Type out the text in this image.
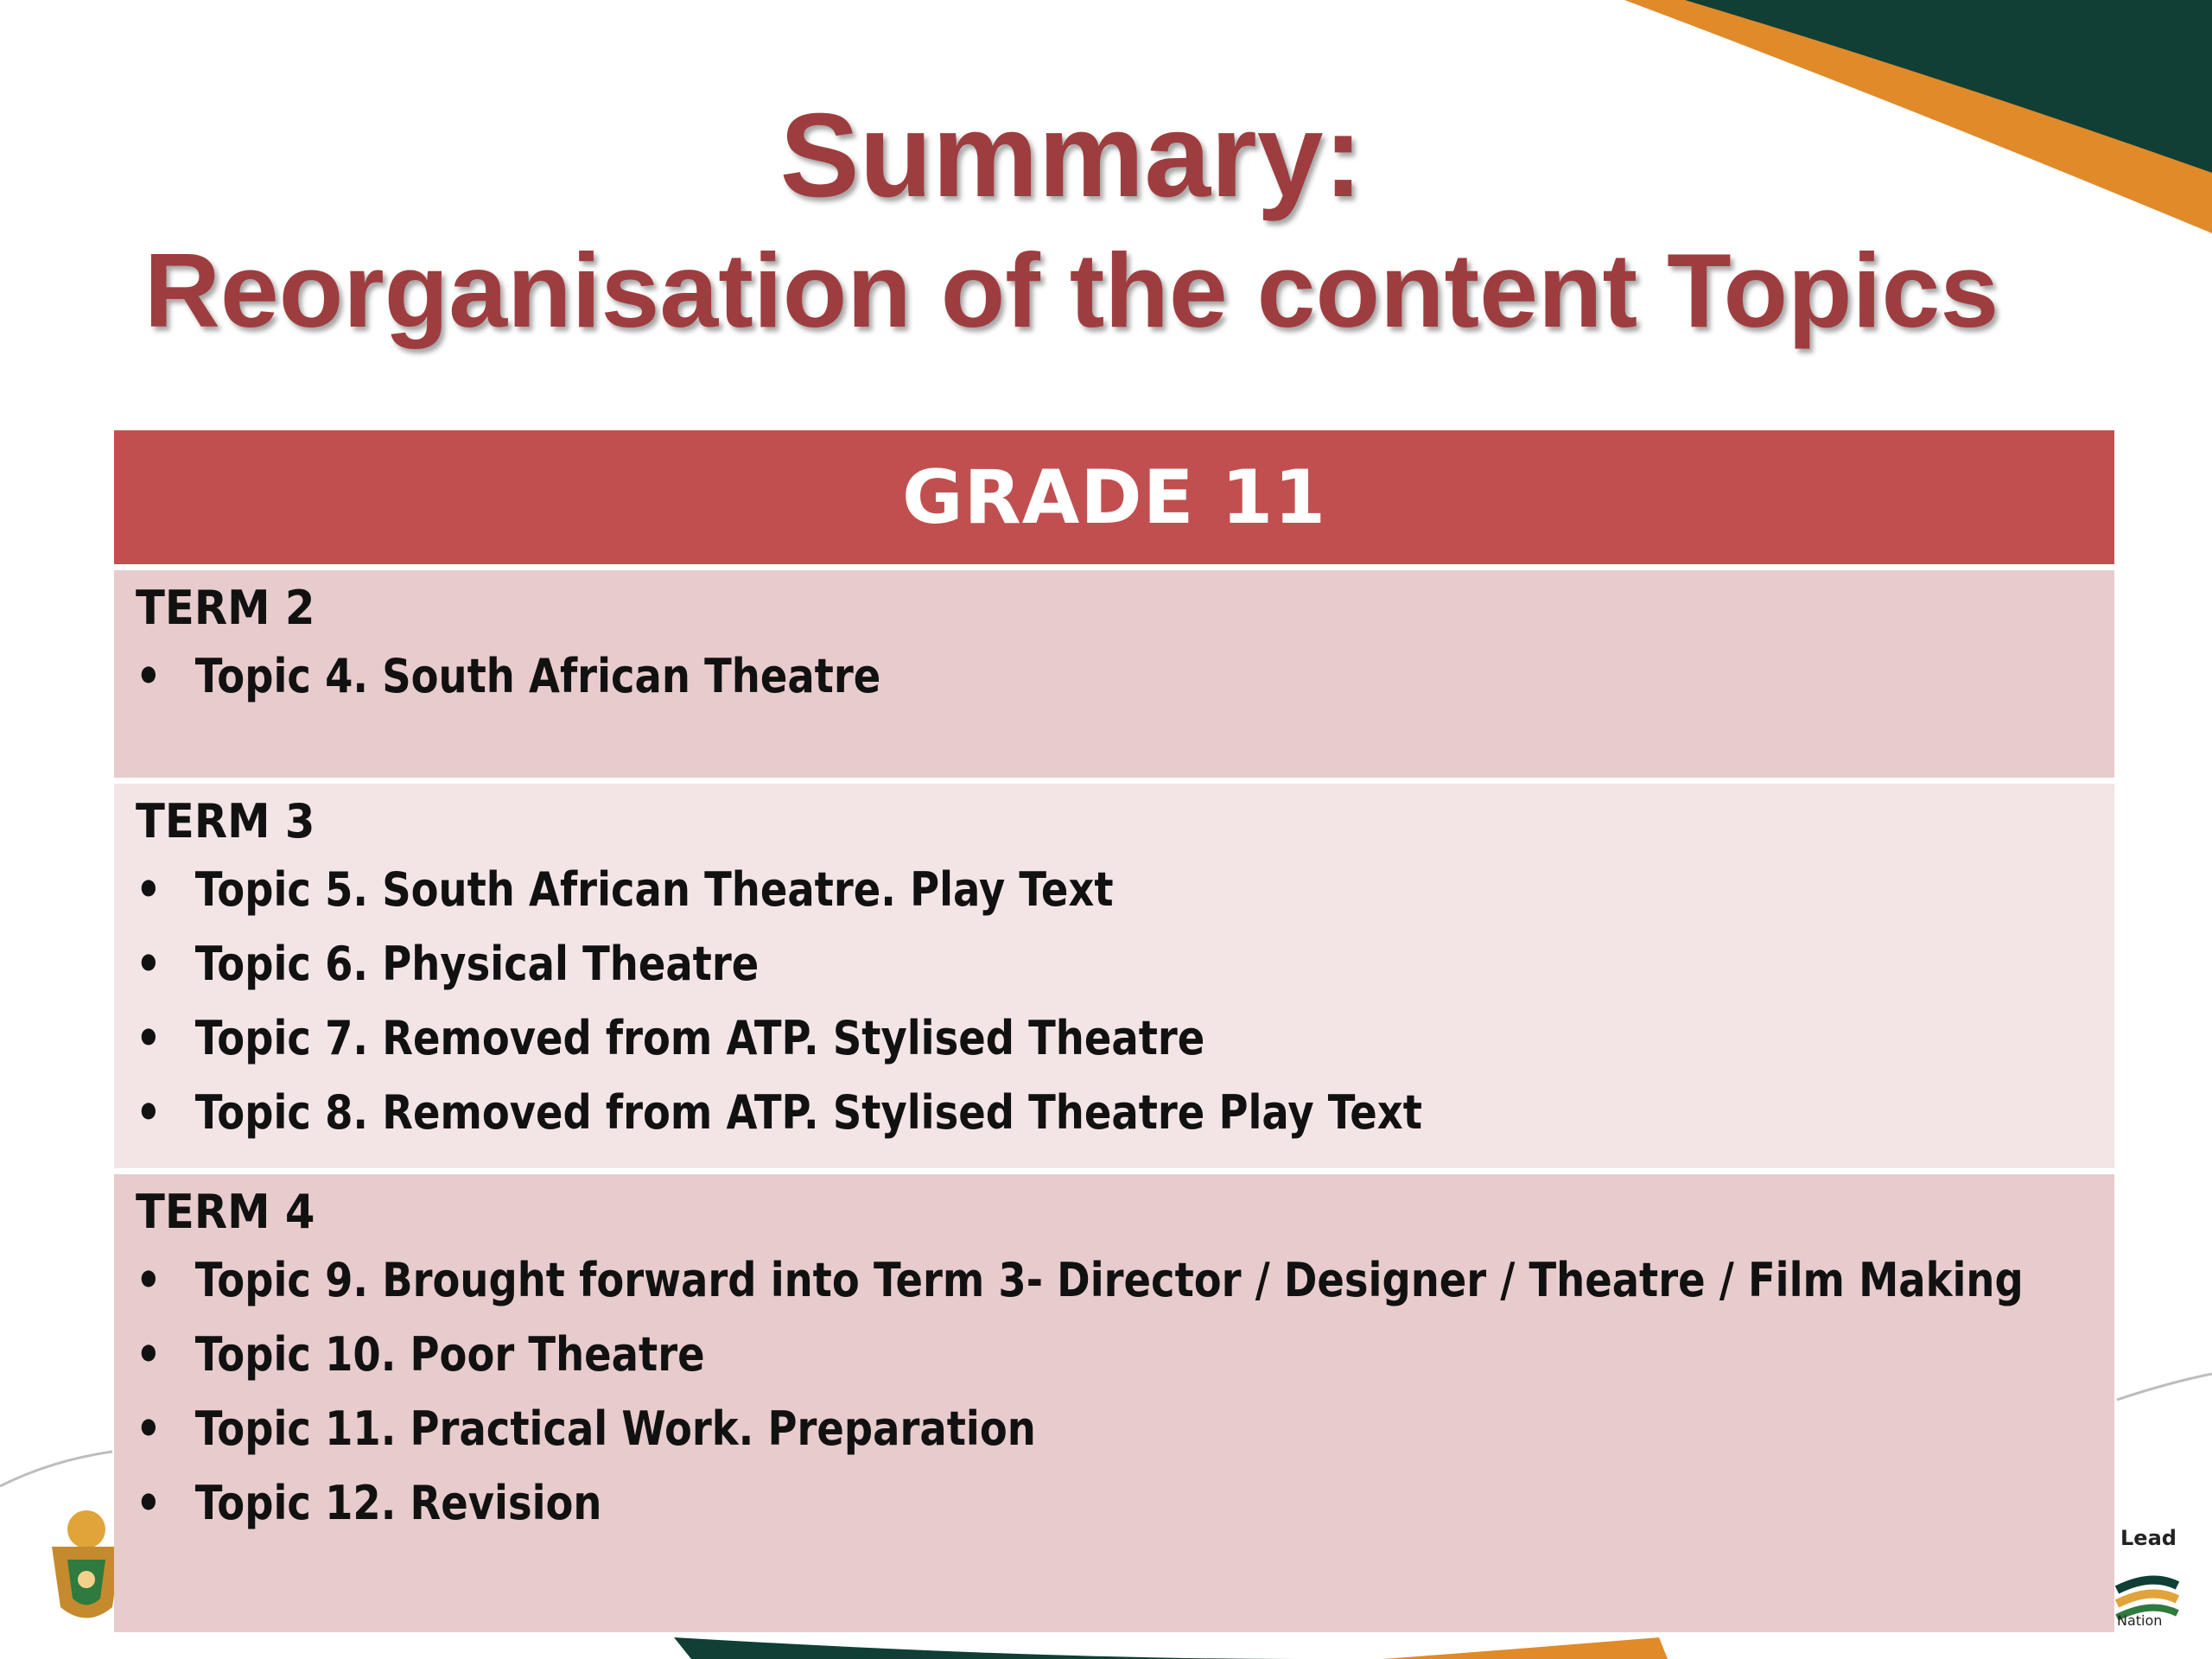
Lead
Nation
Summary:
Reorganisation of the content Topics
GRADE 11
TERM 2
• Topic 4. South African Theatre
TERM 3
• Topic 5. South African Theatre. Play Text
• Topic 6. Physical Theatre
• Topic 7. Removed from ATP. Stylised Theatre
• Topic 8. Removed from ATP. Stylised Theatre Play Text
TERM 4
• Topic 9. Brought forward into Term 3- Director / Designer / Theatre / Film Making
• Topic 10. Poor Theatre
• Topic 11. Practical Work. Preparation
• Topic 12. Revision
